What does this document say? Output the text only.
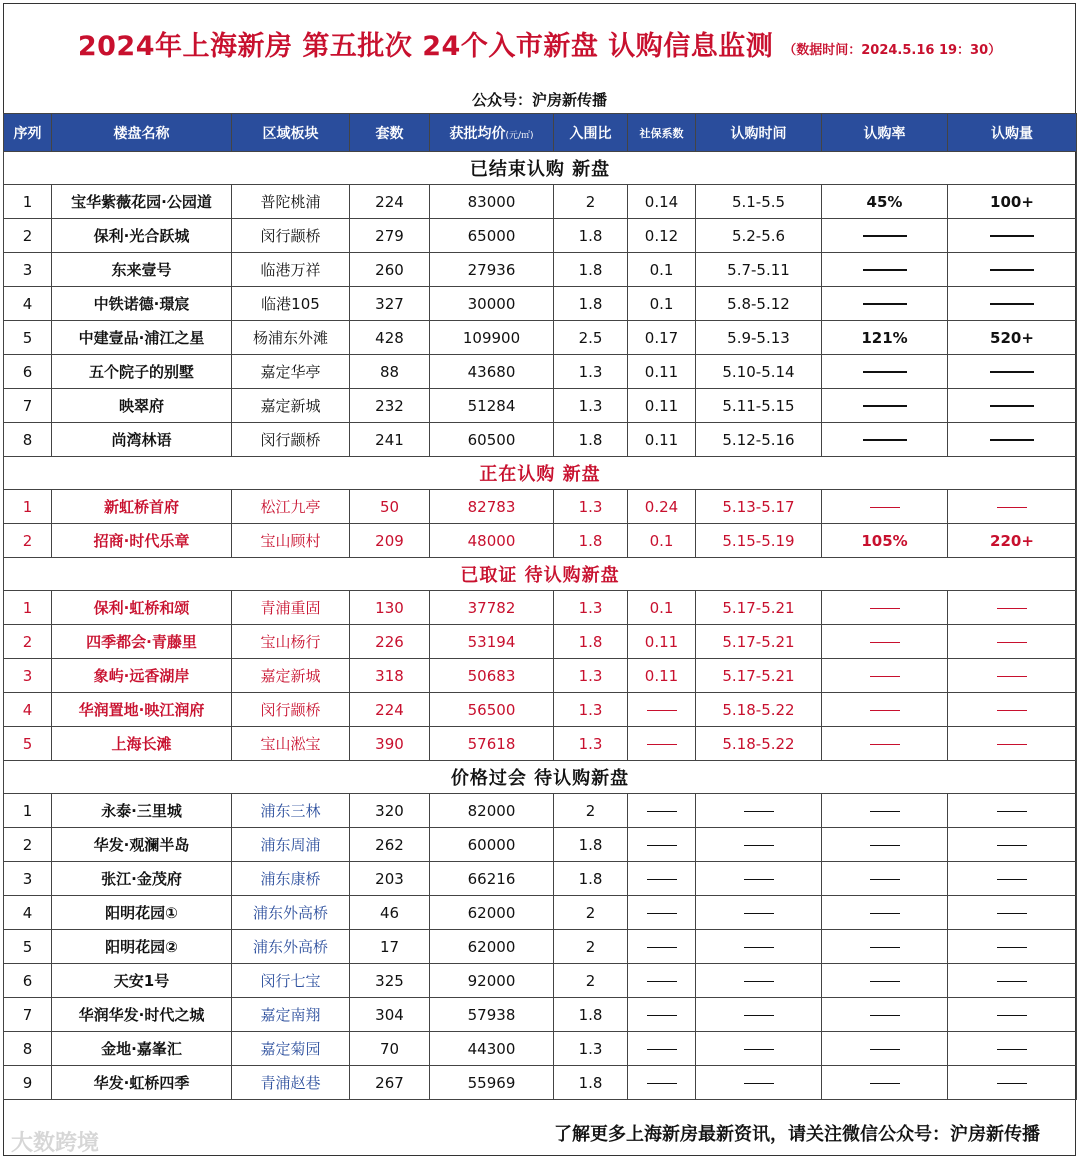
2024年上海新房 第五批次 24个入市新盘 认购信息监测 （数据时间：2024.5.16 19：30）
公众号：沪房新传播
序列	楼盘名称	区域板块	套数	获批均价(元/㎡)	入围比	社保系数	认购时间	认购率	认购量
已结束认购 新盘									
1	宝华紫薇花园·公园道	普陀桃浦	224	83000	2	0.14	5.1-5.5	45%	100+
2	保利·光合跃城	闵行颛桥	279	65000	1.8	0.12	5.2-5.6		
3	东来壹号	临港万祥	260	27936	1.8	0.1	5.7-5.11		
4	中铁诺德·璟宸	临港105	327	30000	1.8	0.1	5.8-5.12		
5	中建壹品·浦江之星	杨浦东外滩	428	109900	2.5	0.17	5.9-5.13	121%	520+
6	五个院子的别墅	嘉定华亭	88	43680	1.3	0.11	5.10-5.14		
7	映翠府	嘉定新城	232	51284	1.3	0.11	5.11-5.15		
8	尚湾林语	闵行颛桥	241	60500	1.8	0.11	5.12-5.16		
正在认购 新盘									
1	新虹桥首府	松江九亭	50	82783	1.3	0.24	5.13-5.17		
2	招商·时代乐章	宝山顾村	209	48000	1.8	0.1	5.15-5.19	105%	220+
已取证 待认购新盘									
1	保利·虹桥和颂	青浦重固	130	37782	1.3	0.1	5.17-5.21		
2	四季都会·青藤里	宝山杨行	226	53194	1.8	0.11	5.17-5.21		
3	象屿·远香湖岸	嘉定新城	318	50683	1.3	0.11	5.17-5.21		
4	华润置地·映江润府	闵行颛桥	224	56500	1.3		5.18-5.22		
5	上海长滩	宝山淞宝	390	57618	1.3		5.18-5.22		
价格过会 待认购新盘									
1	永泰·三里城	浦东三林	320	82000	2				
2	华发·观澜半岛	浦东周浦	262	60000	1.8				
3	张江·金茂府	浦东康桥	203	66216	1.8				
4	阳明花园①	浦东外高桥	46	62000	2				
5	阳明花园②	浦东外高桥	17	62000	2				
6	天安1号	闵行七宝	325	92000	2				
7	华润华发·时代之城	嘉定南翔	304	57938	1.8				
8	金地·嘉峯汇	嘉定菊园	70	44300	1.3				
9	华发·虹桥四季	青浦赵巷	267	55969	1.8				
大数跨境	了解更多上海新房最新资讯，请关注微信公众号：沪房新传播
